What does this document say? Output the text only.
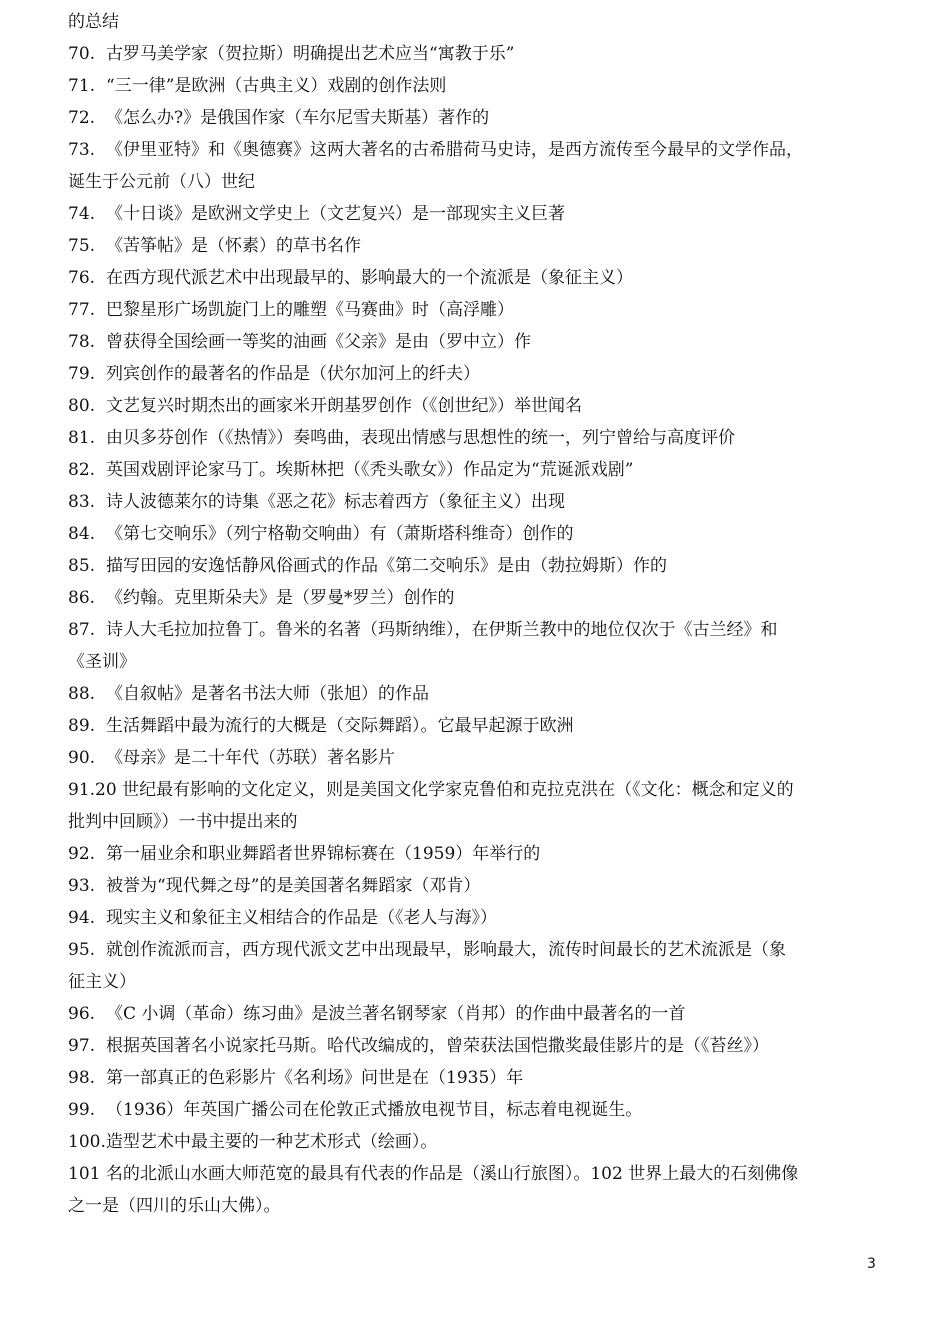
的总结
70. 古罗马美学家（贺拉斯）明确提出艺术应当“寓教于乐”
71. “三一律”是欧洲（古典主义）戏剧的创作法则
72. 《怎么办?》是俄国作家（车尔尼雪夫斯基）著作的
73. 《伊里亚特》和《奥德赛》这两大著名的古希腊荷马史诗，是西方流传至今最早的文学作品，
诞生于公元前（八）世纪
74. 《十日谈》是欧洲文学史上（文艺复兴）是一部现实主义巨著
75. 《苦筝帖》是（怀素）的草书名作
76. 在西方现代派艺术中出现最早的、影响最大的一个流派是（象征主义）
77. 巴黎星形广场凯旋门上的雕塑《马赛曲》时（高浮雕）
78. 曾获得全国绘画一等奖的油画《父亲》是由（罗中立）作
79. 列宾创作的最著名的作品是（伏尔加河上的纤夫）
80. 文艺复兴时期杰出的画家米开朗基罗创作（《创世纪》）举世闻名
81. 由贝多芬创作（《热情》）奏鸣曲，表现出情感与思想性的统一，列宁曾给与高度评价
82. 英国戏剧评论家马丁。埃斯林把（《秃头歌女》）作品定为“荒诞派戏剧”
83. 诗人波德莱尔的诗集《恶之花》标志着西方（象征主义）出现
84. 《第七交响乐》（列宁格勒交响曲）有（萧斯塔科维奇）创作的
85. 描写田园的安逸恬静风俗画式的作品《第二交响乐》是由（勃拉姆斯）作的
86. 《约翰。克里斯朵夫》是（罗曼*罗兰）创作的
87. 诗人大毛拉加拉鲁丁。鲁米的名著（玛斯纳维），在伊斯兰教中的地位仅次于《古兰经》和
《圣训》
88. 《自叙帖》是著名书法大师（张旭）的作品
89. 生活舞蹈中最为流行的大概是（交际舞蹈）。它最早起源于欧洲
90. 《母亲》是二十年代（苏联）著名影片
91.20 世纪最有影响的文化定义，则是美国文化学家克鲁伯和克拉克洪在（《文化：概念和定义的
批判中回顾》）一书中提出来的
92. 第一届业余和职业舞蹈者世界锦标赛在（1959）年举行的
93. 被誉为“现代舞之母”的是美国著名舞蹈家（邓肯）
94. 现实主义和象征主义相结合的作品是（《老人与海》）
95. 就创作流派而言，西方现代派文艺中出现最早，影响最大，流传时间最长的艺术流派是（象
征主义）
96. 《C 小调（革命）练习曲》是波兰著名钢琴家（肖邦）的作曲中最著名的一首
97. 根据英国著名小说家托马斯。哈代改编成的，曾荣获法国恺撒奖最佳影片的是（《苔丝》）
98. 第一部真正的色彩影片《名利场》问世是在（1935）年
99. （1936）年英国广播公司在伦敦正式播放电视节目，标志着电视诞生。
100.造型艺术中最主要的一种艺术形式（绘画）。
101 名的北派山水画大师范宽的最具有代表的作品是（溪山行旅图）。102 世界上最大的石刻佛像
之一是（四川的乐山大佛）。
3
